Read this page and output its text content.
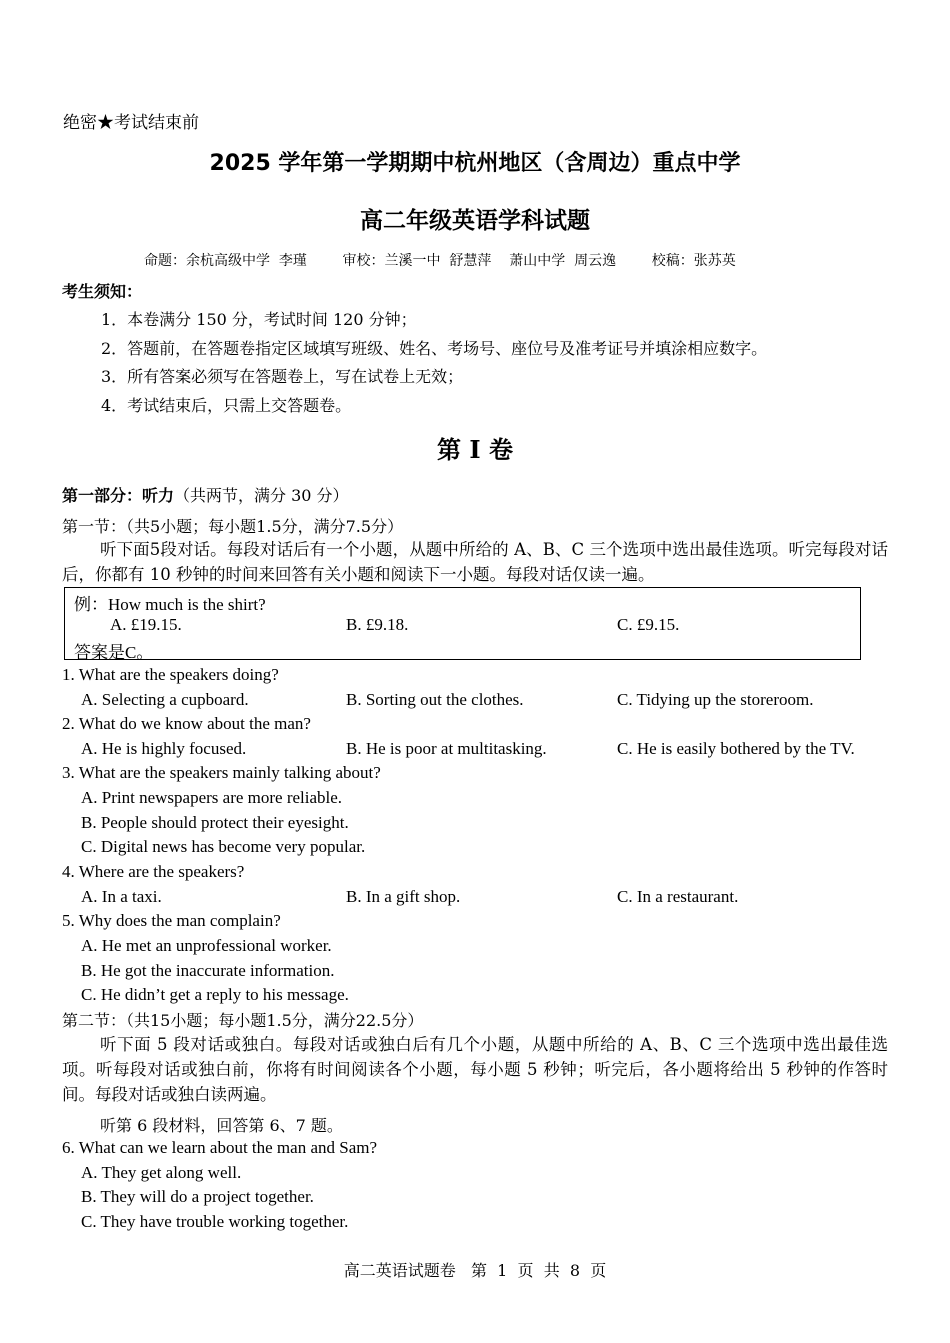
绝密★考试结束前
2025 学年第一学期期中杭州地区（含周边）重点中学
高二年级英语学科试题
命题：余杭高级中学  李瑾        审校：兰溪一中  舒慧萍    萧山中学  周云逸        校稿：张苏英
考生须知：
1．本卷满分 150 分，考试时间 120 分钟；
2．答题前，在答题卷指定区域填写班级、姓名、考场号、座位号及准考证号并填涂相应数字。
3．所有答案必须写在答题卷上，写在试卷上无效；
4．考试结束后，只需上交答题卷。
第 I 卷
第一部分：听力（共两节，满分 30 分）
第一节：（共5小题；每小题1.5分，满分7.5分）
听下面5段对话。每段对话后有一个小题，从题中所给的 A、B、C 三个选项中选出最佳选项。听完每段对话后，你都有 10 秒钟的时间来回答有关小题和阅读下一小题。每段对话仅读一遍。
例：How much is the shirt?
A. £19.15.	B. £9.18.	C. £9.15.
答案是C。
1. What are the speakers doing?
A. Selecting a cupboard.	B. Sorting out the clothes.	C. Tidying up the storeroom.
2. What do we know about the man?
A. He is highly focused.	B. He is poor at multitasking.	C. He is easily bothered by the TV.
3. What are the speakers mainly talking about?
A. Print newspapers are more reliable.
B. People should protect their eyesight.
C. Digital news has become very popular.
4. Where are the speakers?
A. In a taxi.	B. In a gift shop.	C. In a restaurant.
5. Why does the man complain?
A. He met an unprofessional worker.
B. He got the inaccurate information.
C. He didn’t get a reply to his message.
第二节：（共15小题；每小题1.5分，满分22.5分）
听下面 5 段对话或独白。每段对话或独白后有几个小题，从题中所给的 A、B、C 三个选项中选出最佳选项。听每段对话或独白前，你将有时间阅读各个小题，每小题 5 秒钟；听完后，各小题将给出 5 秒钟的作答时间。每段对话或独白读两遍。
听第 6 段材料，回答第 6、7 题。
6. What can we learn about the man and Sam?
A. They get along well.
B. They will do a project together.
C. They have trouble working together.
高二英语试题卷   第  1  页  共  8  页
